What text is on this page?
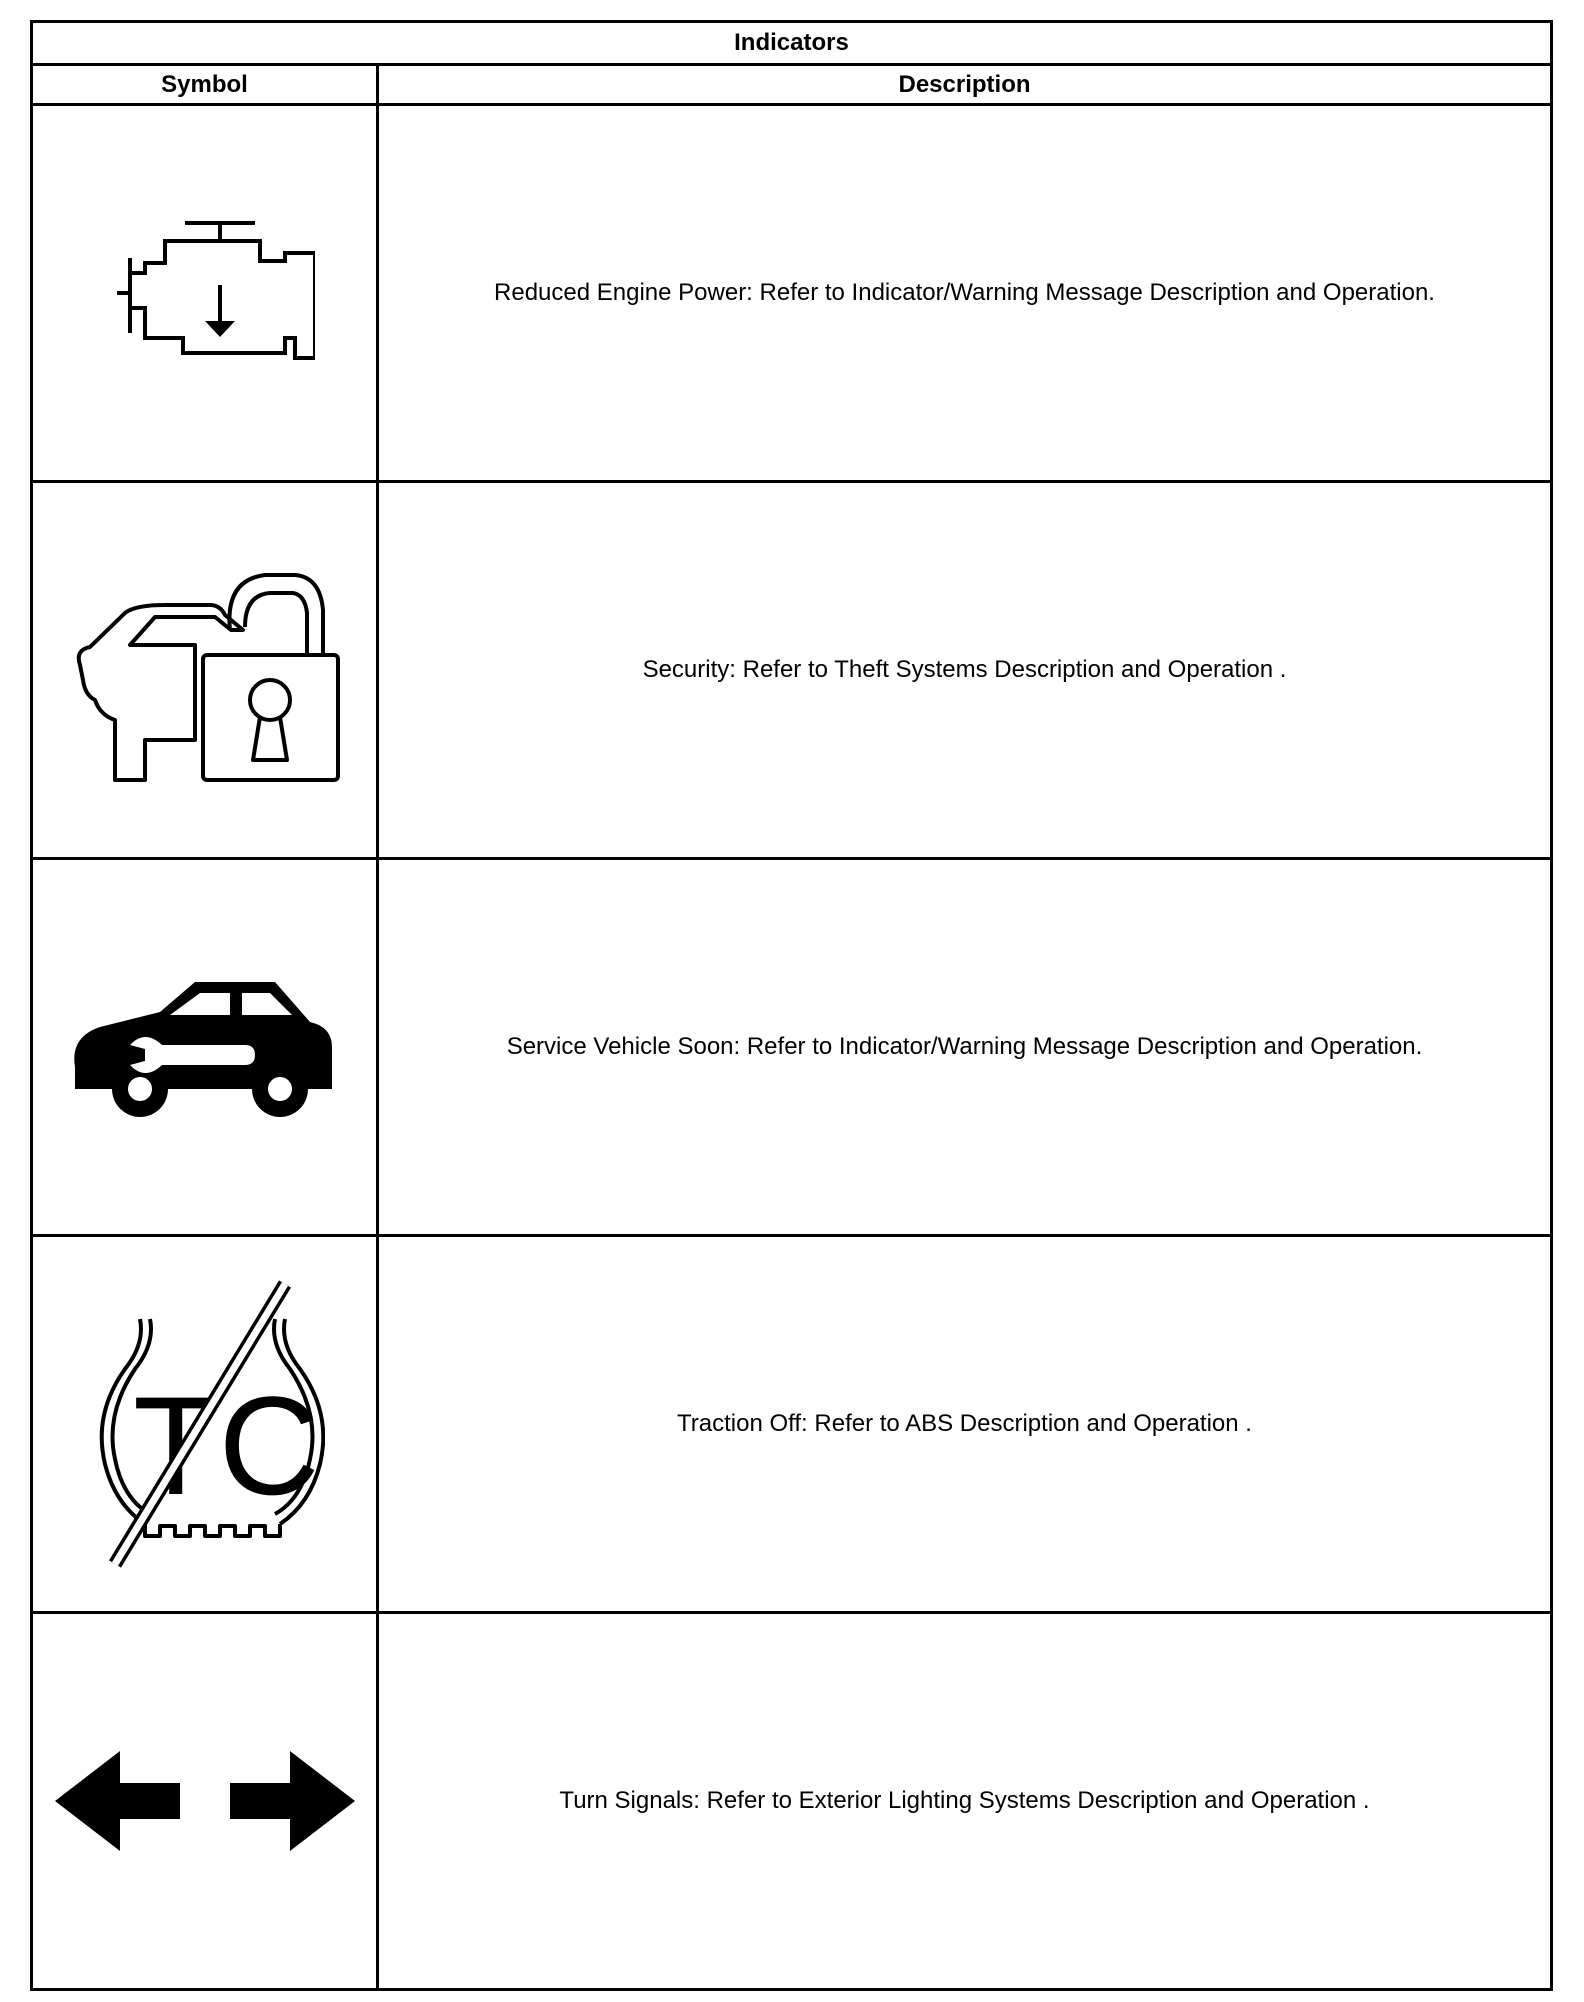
Indicators	
Symbol	Description

	Reduced Engine Power: Refer to Indicator/Warning Message Description and Operation.

	Security: Refer to Theft Systems Description and Operation .

	Service Vehicle Soon: Refer to Indicator/Warning Message Description and Operation.

TC	Traction Off: Refer to ABS Description and Operation .

	Turn Signals: Refer to Exterior Lighting Systems Description and Operation .
